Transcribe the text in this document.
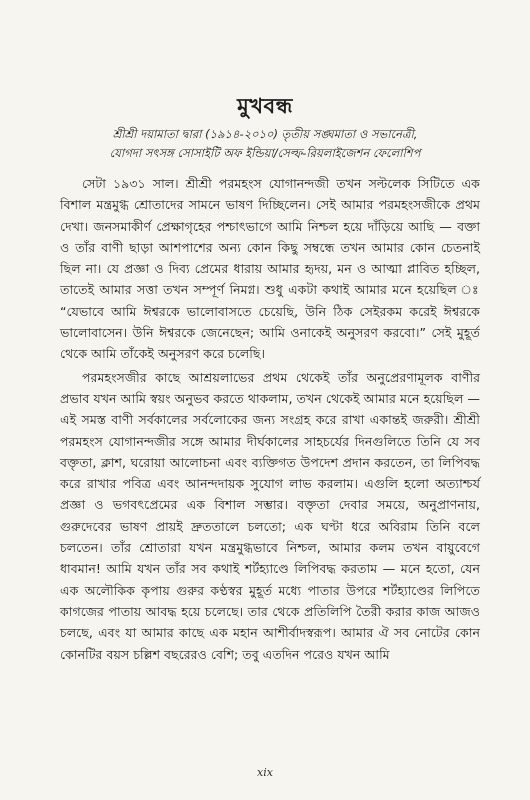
মুখবন্ধ
শ্রীশ্রী দয়ামাতা দ্বারা (১৯১৪-২০১০) তৃতীয় সঙ্ঘমাতা ও সভানেত্রী,
যোগদা সৎসঙ্গ সোসাইটি অফ ইন্ডিয়া/সেল্ফ-রিয়লাইজেশন ফেলোশিপ

সেটা ১৯৩১ সাল। শ্রীশ্রী পরমহংস যোগানন্দজী তখন সল্টলেক সিটিতে এক বিশাল মন্ত্রমুগ্ধ শ্রোতাদের সামনে ভাষণ দিচ্ছিলেন। সেই আমার পরমহংসজীকে প্রথম দেখা। জনসমাকীর্ণ প্রেক্ষাগৃহের পশ্চাৎভাগে আমি নিশ্চল হয়ে দাঁড়িয়ে আছি — বক্তা ও তাঁর বাণী ছাড়া আশপাশের অন্য কোন কিছু সম্বন্ধে তখন আমার কোন চেতনাই ছিল না। যে প্রজ্ঞা ও দিব্য প্রেমের ধারায় আমার হৃদয়, মন ও আত্মা প্লাবিত হচ্ছিল, তাতেই আমার সত্তা তখন সম্পূর্ণ নিমগ্ন। শুধু একটা কথাই আমার মনে হয়েছিল ঃ “যেভাবে আমি ঈশ্বরকে ভালোবাসতে চেয়েছি, উনি ঠিক সেইরকম করেই ঈশ্বরকে ভালোবাসেন। উনি ঈশ্বরকে জেনেছেন; আমি ওনাকেই অনুসরণ করবো।” সেই মুহূর্ত থেকে আমি তাঁকেই অনুসরণ করে চলেছি।

পরমহংসজীর কাছে আশ্রয়লাভের প্রথম থেকেই তাঁর অনুপ্রেরণামূলক বাণীর প্রভাব যখন আমি স্বয়ং অনুভব করতে থাকলাম, তখন থেকেই আমার মনে হয়েছিল — এই সমস্ত বাণী সর্বকালের সর্বলোকের জন্য সংগ্রহ করে রাখা একান্তই জরুরী। শ্রীশ্রী পরমহংস যোগানন্দজীর সঙ্গে আমার দীর্ঘকালের সাহচর্যের দিনগুলিতে তিনি যে সব বক্তৃতা, ক্লাশ, ঘরোয়া আলোচনা এবং ব্যক্তিগত উপদেশ প্রদান করতেন, তা লিপিবদ্ধ করে রাখার পবিত্র এবং আনন্দদায়ক সুযোগ লাভ করলাম। এগুলি হলো অত্যাশ্চর্য প্রজ্ঞা ও ভগবৎপ্রেমের এক বিশাল সম্ভার। বক্তৃতা দেবার সময়ে, অনুপ্রাণনায়, গুরুদেবের ভাষণ প্রায়ই দ্রুততালে চলতো; এক ঘণ্টা ধরে অবিরাম তিনি বলে চলতেন। তাঁর শ্রোতারা যখন মন্ত্রমুগ্ধভাবে নিশ্চল, আমার কলম তখন বায়ুবেগে ধাবমান! আমি যখন তাঁর সব কথাই শর্টহ্যাণ্ডে লিপিবদ্ধ করতাম — মনে হতো, যেন এক অলৌকিক কৃপায় গুরুর কণ্ঠস্বর মুহূর্ত মধ্যে পাতার উপরে শর্টহ্যাণ্ডের লিপিতে কাগজের পাতায় আবদ্ধ হয়ে চলেছে। তার থেকে প্রতিলিপি তৈরী করার কাজ আজও চলছে, এবং যা আমার কাছে এক মহান আশীর্বাদস্বরূপ। আমার ঐ সব নোটের কোন কোনটির বয়স চল্লিশ বছরেরও বেশি; তবু এতদিন পরেও যখন আমি

xix
